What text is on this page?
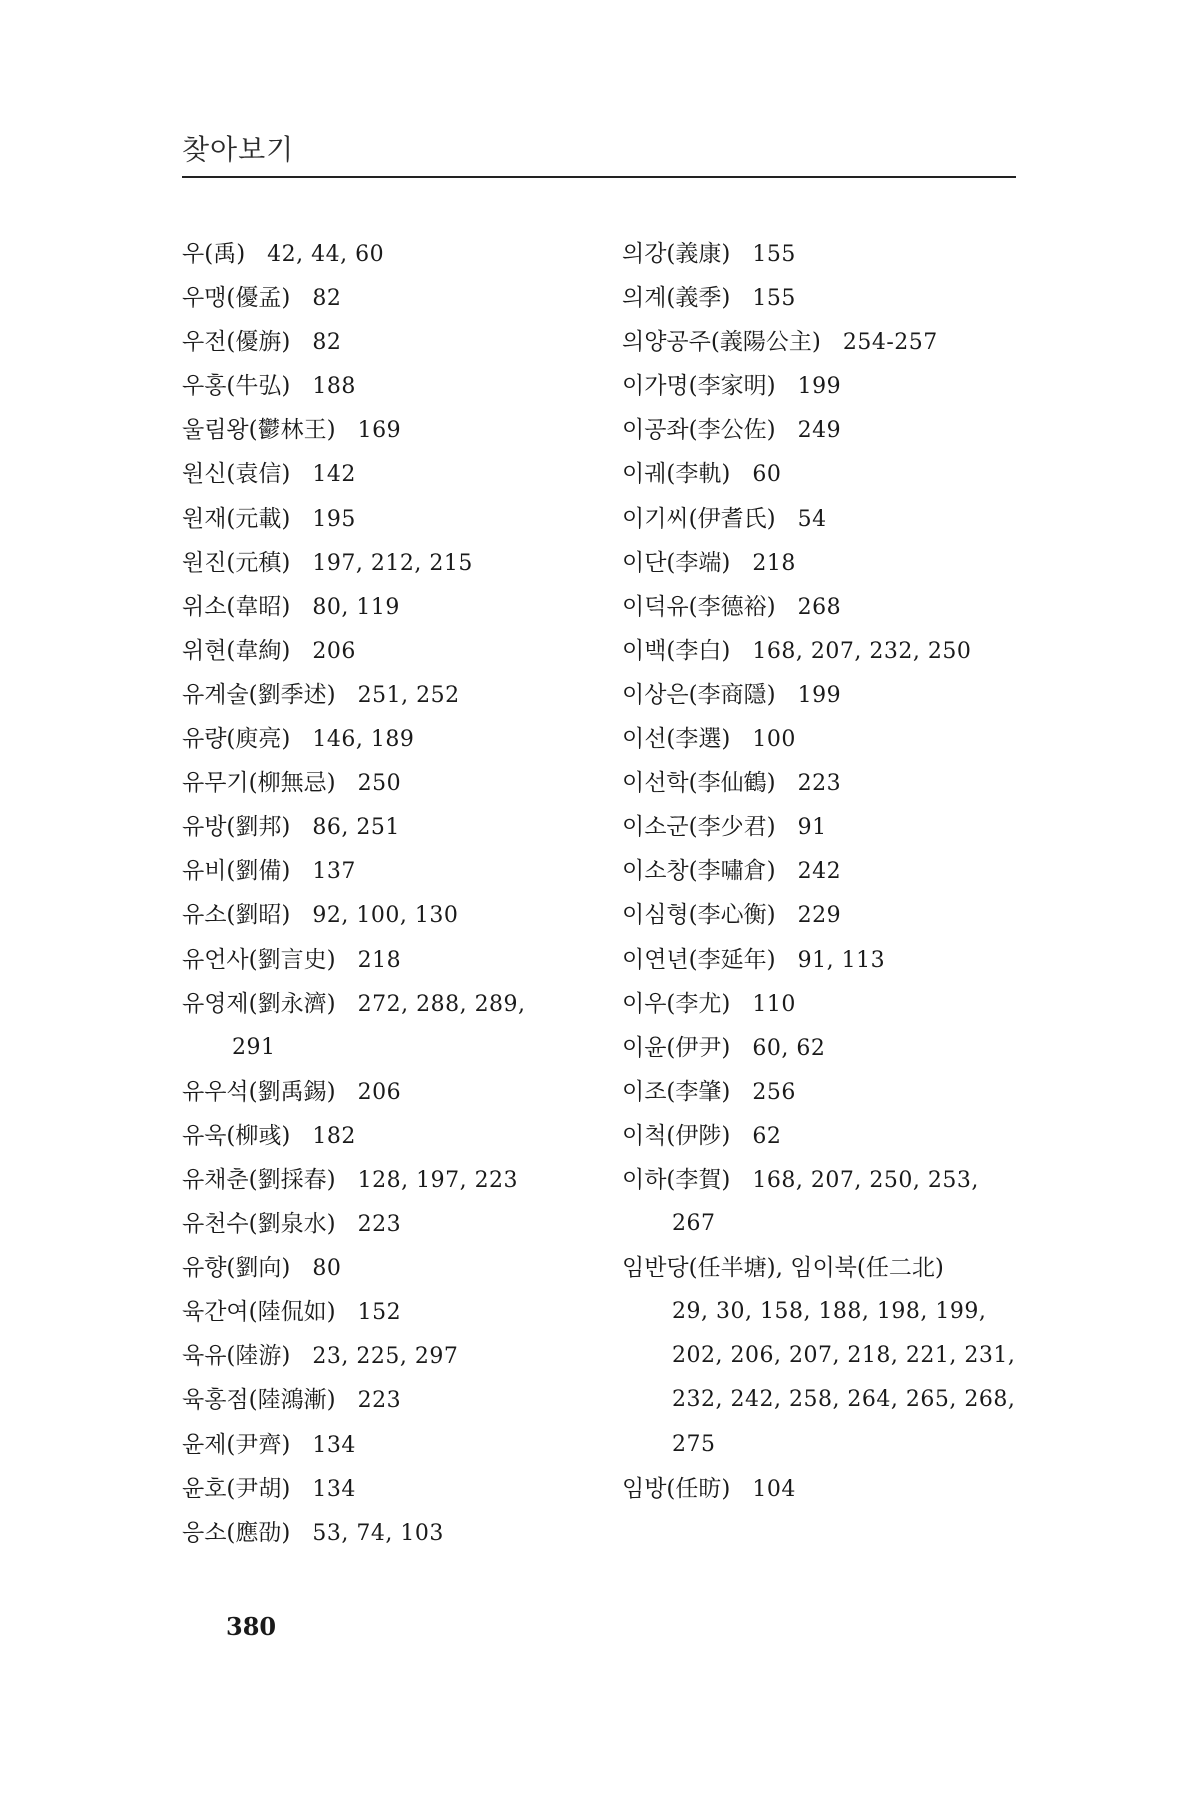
찾아보기
우(禹) 42, 44, 60
우맹(優孟) 82
우전(優旃) 82
우홍(牛弘) 188
울림왕(鬱林王) 169
원신(袁信) 142
원재(元載) 195
원진(元稹) 197, 212, 215
위소(韋昭) 80, 119
위현(韋絢) 206
유계술(劉季述) 251, 252
유량(庾亮) 146, 189
유무기(柳無忌) 250
유방(劉邦) 86, 251
유비(劉備) 137
유소(劉昭) 92, 100, 130
유언사(劉言史) 218
유영제(劉永濟) 272, 288, 289,
291
유우석(劉禹錫) 206
유욱(柳彧) 182
유채춘(劉採春) 128, 197, 223
유천수(劉泉水) 223
유향(劉向) 80
육간여(陸侃如) 152
육유(陸游) 23, 225, 297
육홍점(陸鴻漸) 223
윤제(尹齊) 134
윤호(尹胡) 134
응소(應劭) 53, 74, 103
의강(義康) 155
의계(義季) 155
의양공주(義陽公主) 254-257
이가명(李家明) 199
이공좌(李公佐) 249
이궤(李軌) 60
이기씨(伊耆氏) 54
이단(李端) 218
이덕유(李德裕) 268
이백(李白) 168, 207, 232, 250
이상은(李商隱) 199
이선(李選) 100
이선학(李仙鶴) 223
이소군(李少君) 91
이소창(李嘯倉) 242
이심형(李心衡) 229
이연년(李延年) 91, 113
이우(李尤) 110
이윤(伊尹) 60, 62
이조(李肇) 256
이척(伊陟) 62
이하(李賀) 168, 207, 250, 253,
267
임반당(任半塘), 임이북(任二北)
29, 30, 158, 188, 198, 199,
202, 206, 207, 218, 221, 231,
232, 242, 258, 264, 265, 268,
275
임방(任昉) 104
380
